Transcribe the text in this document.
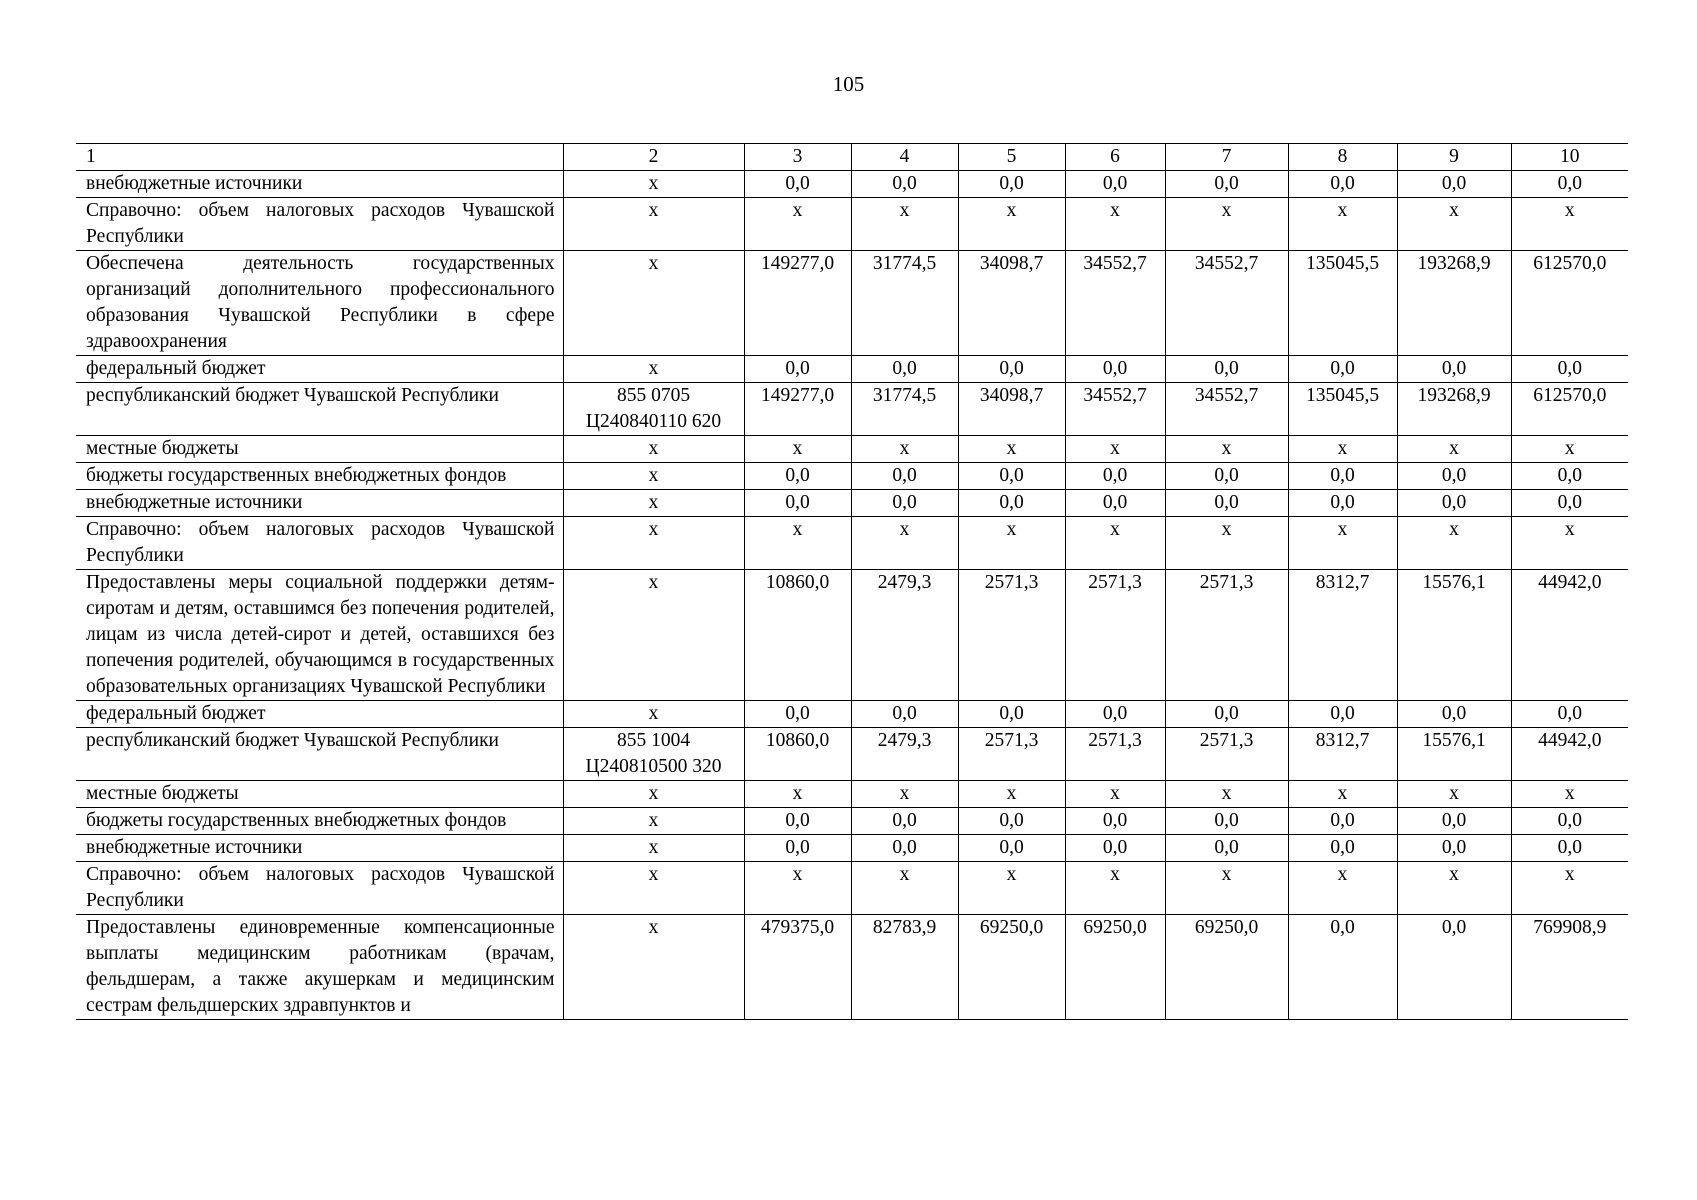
105
1	2	3	4	5	6	7	8	9	10
внебюджетные источники	x	0,0	0,0	0,0	0,0	0,0	0,0	0,0	0,0
Справочно: объем налоговых расходов Чувашской Республики	x	x	x	x	x	x	x	x	x
Обеспечена деятельность государственных организаций дополнительного профессионального образования Чувашской Республики в сфере здравоохранения	x	149277,0	31774,5	34098,7	34552,7	34552,7	135045,5	193268,9	612570,0
федеральный бюджет	x	0,0	0,0	0,0	0,0	0,0	0,0	0,0	0,0
республиканский бюджет Чувашской Республики	855 0705 Ц240840110 620	149277,0	31774,5	34098,7	34552,7	34552,7	135045,5	193268,9	612570,0
местные бюджеты	x	x	x	x	x	x	x	x	x
бюджеты государственных внебюджетных фондов	x	0,0	0,0	0,0	0,0	0,0	0,0	0,0	0,0
внебюджетные источники	x	0,0	0,0	0,0	0,0	0,0	0,0	0,0	0,0
Справочно: объем налоговых расходов Чувашской Республики	x	x	x	x	x	x	x	x	x
Предоставлены меры социальной поддержки детям-сиротам и детям, оставшимся без попечения родителей, лицам из числа детей-сирот и детей, оставшихся без попечения родителей, обучающимся в государственных образовательных организациях Чувашской Республики	x	10860,0	2479,3	2571,3	2571,3	2571,3	8312,7	15576,1	44942,0
федеральный бюджет	x	0,0	0,0	0,0	0,0	0,0	0,0	0,0	0,0
республиканский бюджет Чувашской Республики	855 1004 Ц240810500 320	10860,0	2479,3	2571,3	2571,3	2571,3	8312,7	15576,1	44942,0
местные бюджеты	x	x	x	x	x	x	x	x	x
бюджеты государственных внебюджетных фондов	x	0,0	0,0	0,0	0,0	0,0	0,0	0,0	0,0
внебюджетные источники	x	0,0	0,0	0,0	0,0	0,0	0,0	0,0	0,0
Справочно: объем налоговых расходов Чувашской Республики	x	x	x	x	x	x	x	x	x
Предоставлены единовременные компенсационные выплаты медицинским работникам (врачам, фельдшерам, а также акушеркам и медицинским сестрам фельдшерских здравпунктов и	x	479375,0	82783,9	69250,0	69250,0	69250,0	0,0	0,0	769908,9
